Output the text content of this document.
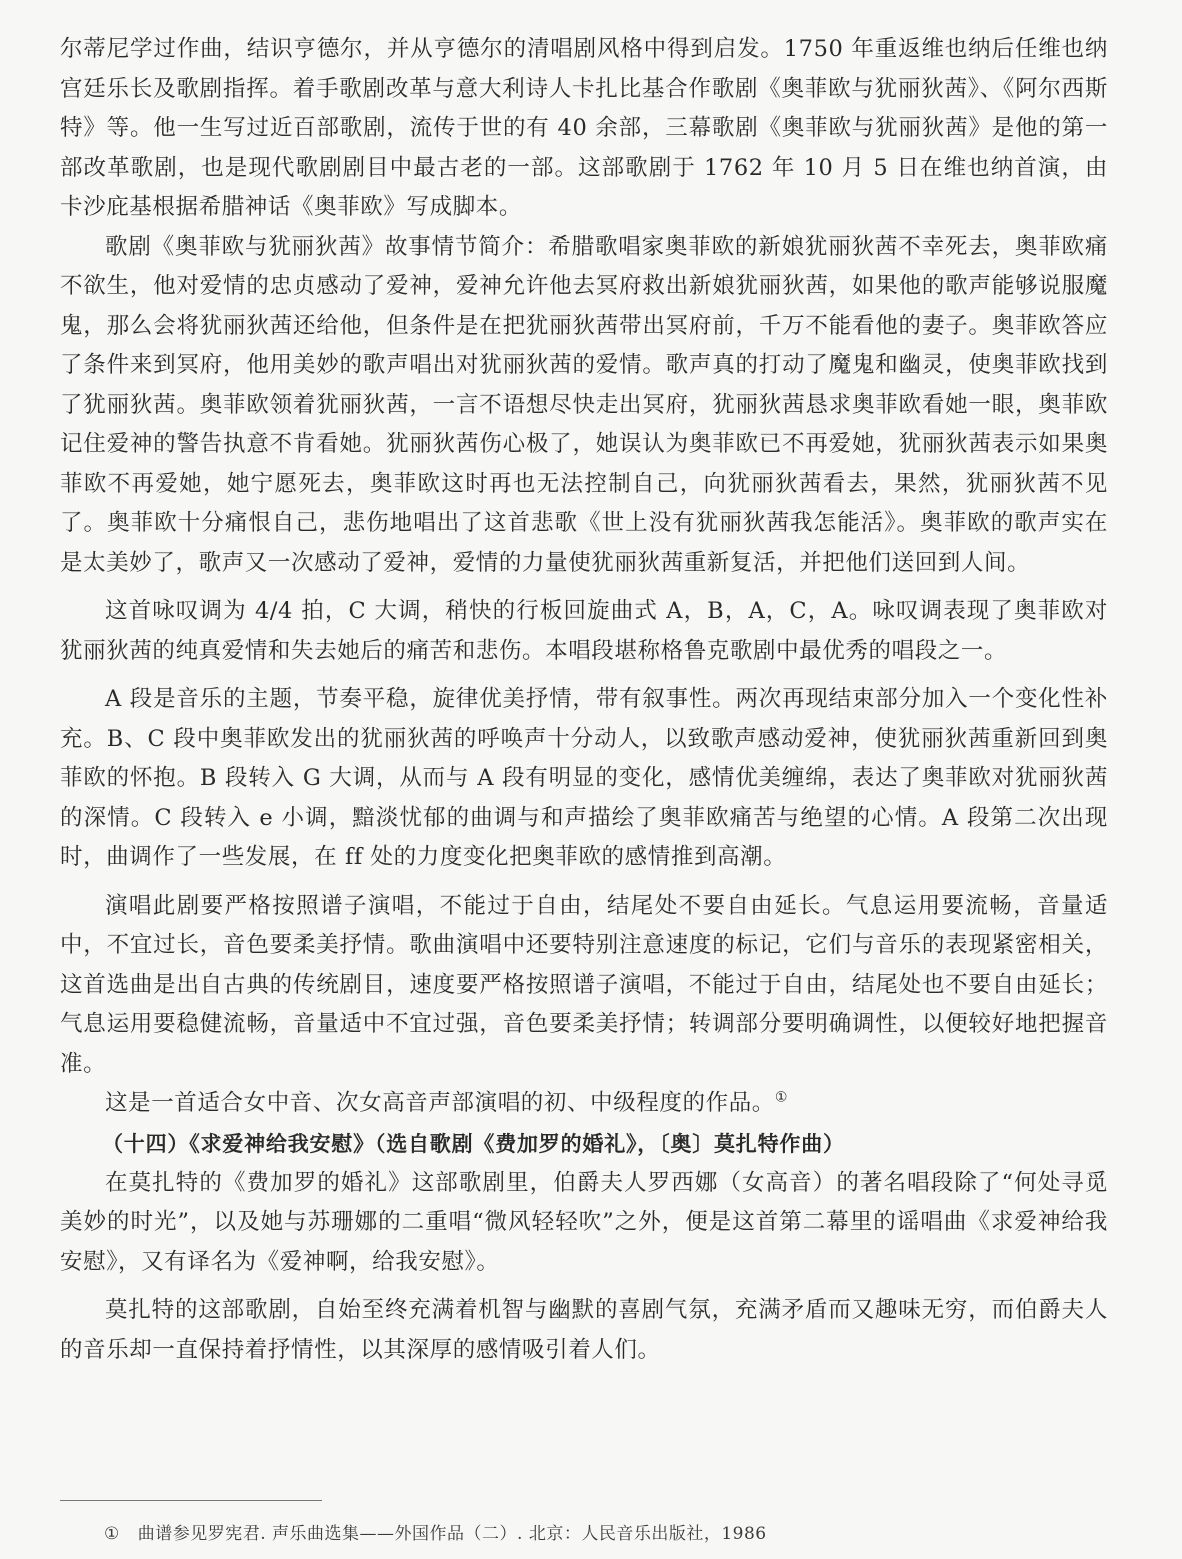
尔蒂尼学过作曲，结识亨德尔，并从亨德尔的清唱剧风格中得到启发。1750 年重返维也纳后任维也纳宫廷乐长及歌剧指挥。着手歌剧改革与意大利诗人卡扎比基合作歌剧《奥菲欧与犹丽狄茜》、《阿尔西斯特》等。他一生写过近百部歌剧，流传于世的有 40 余部，三幕歌剧《奥菲欧与犹丽狄茜》是他的第一部改革歌剧，也是现代歌剧剧目中最古老的一部。这部歌剧于 1762 年 10 月 5 日在维也纳首演，由卡沙庇基根据希腊神话《奥菲欧》写成脚本。

歌剧《奥菲欧与犹丽狄茜》故事情节简介：希腊歌唱家奥菲欧的新娘犹丽狄茜不幸死去，奥菲欧痛不欲生，他对爱情的忠贞感动了爱神，爱神允许他去冥府救出新娘犹丽狄茜，如果他的歌声能够说服魔鬼，那么会将犹丽狄茜还给他，但条件是在把犹丽狄茜带出冥府前，千万不能看他的妻子。奥菲欧答应了条件来到冥府，他用美妙的歌声唱出对犹丽狄茜的爱情。歌声真的打动了魔鬼和幽灵，使奥菲欧找到了犹丽狄茜。奥菲欧领着犹丽狄茜，一言不语想尽快走出冥府，犹丽狄茜恳求奥菲欧看她一眼，奥菲欧记住爱神的警告执意不肯看她。犹丽狄茜伤心极了，她误认为奥菲欧已不再爱她，犹丽狄茜表示如果奥菲欧不再爱她，她宁愿死去，奥菲欧这时再也无法控制自己，向犹丽狄茜看去，果然，犹丽狄茜不见了。奥菲欧十分痛恨自己，悲伤地唱出了这首悲歌《世上没有犹丽狄茜我怎能活》。奥菲欧的歌声实在是太美妙了，歌声又一次感动了爱神，爱情的力量使犹丽狄茜重新复活，并把他们送回到人间。

这首咏叹调为 4/4 拍，C 大调，稍快的行板回旋曲式 A，B，A，C，A。咏叹调表现了奥菲欧对犹丽狄茜的纯真爱情和失去她后的痛苦和悲伤。本唱段堪称格鲁克歌剧中最优秀的唱段之一。

A 段是音乐的主题，节奏平稳，旋律优美抒情，带有叙事性。两次再现结束部分加入一个变化性补充。B、C 段中奥菲欧发出的犹丽狄茜的呼唤声十分动人，以致歌声感动爱神，使犹丽狄茜重新回到奥菲欧的怀抱。B 段转入 G 大调，从而与 A 段有明显的变化，感情优美缠绵，表达了奥菲欧对犹丽狄茜的深情。C 段转入 e 小调，黯淡忧郁的曲调与和声描绘了奥菲欧痛苦与绝望的心情。A 段第二次出现时，曲调作了一些发展，在 ff 处的力度变化把奥菲欧的感情推到高潮。

演唱此剧要严格按照谱子演唱，不能过于自由，结尾处不要自由延长。气息运用要流畅，音量适中，不宜过长，音色要柔美抒情。歌曲演唱中还要特别注意速度的标记，它们与音乐的表现紧密相关，这首选曲是出自古典的传统剧目，速度要严格按照谱子演唱，不能过于自由，结尾处也不要自由延长；气息运用要稳健流畅，音量适中不宜过强，音色要柔美抒情；转调部分要明确调性，以便较好地把握音准。

这是一首适合女中音、次女高音声部演唱的初、中级程度的作品。①

（十四）《求爱神给我安慰》（选自歌剧《费加罗的婚礼》，〔奥〕莫扎特作曲）

在莫扎特的《费加罗的婚礼》这部歌剧里，伯爵夫人罗西娜（女高音）的著名唱段除了“何处寻觅美妙的时光”，以及她与苏珊娜的二重唱“微风轻轻吹”之外，便是这首第二幕里的谣唱曲《求爱神给我安慰》，又有译名为《爱神啊，给我安慰》。

莫扎特的这部歌剧，自始至终充满着机智与幽默的喜剧气氛，充满矛盾而又趣味无穷，而伯爵夫人的音乐却一直保持着抒情性，以其深厚的感情吸引着人们。

① 曲谱参见罗宪君. 声乐曲选集——外国作品（二）. 北京：人民音乐出版社，1986
